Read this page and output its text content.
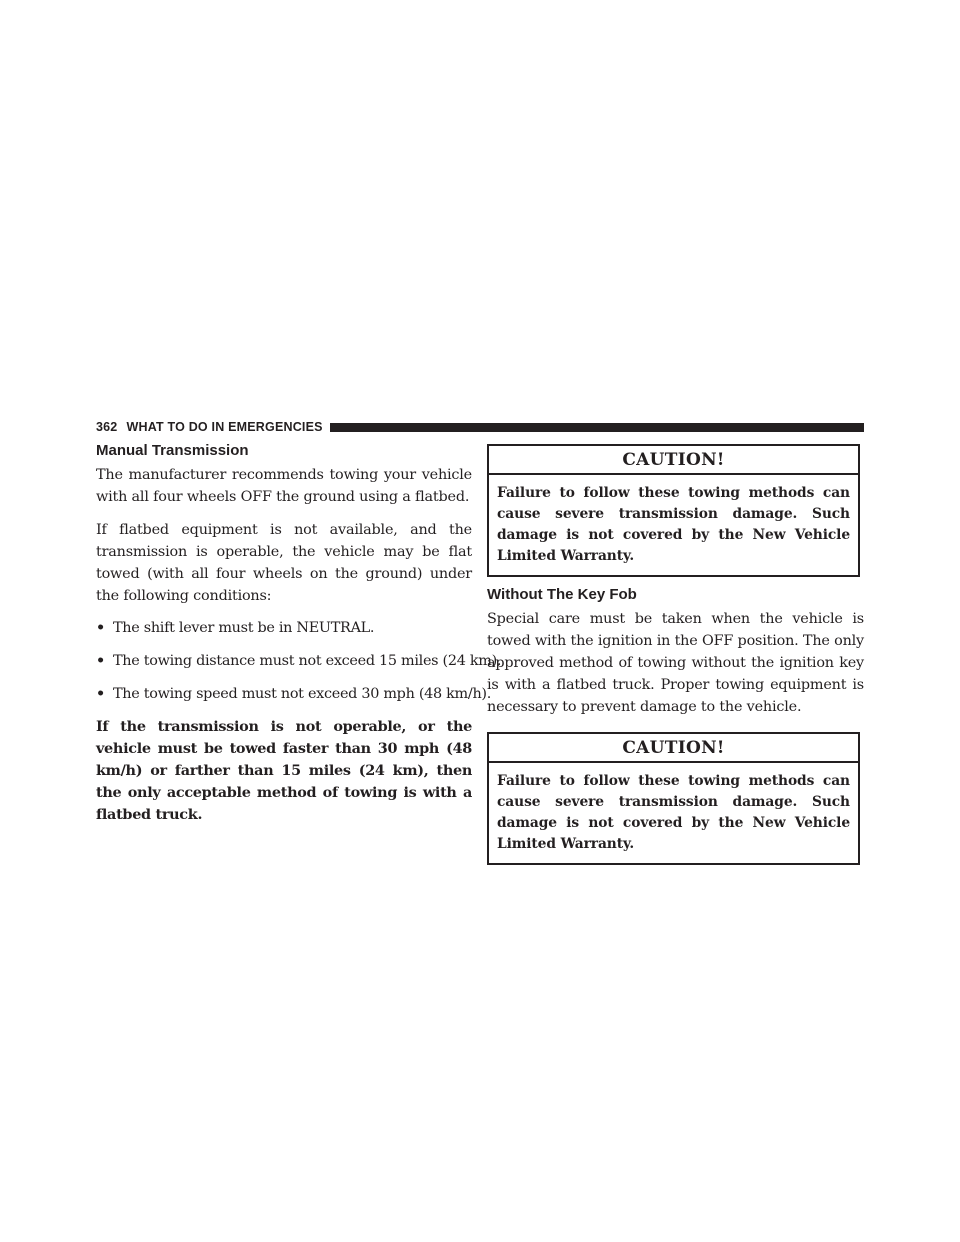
362 WHAT TO DO IN EMERGENCIES
Manual Transmission

The manufacturer recommends towing your vehicle with all four wheels OFF the ground using a flatbed.

If flatbed equipment is not available, and the transmission is operable, the vehicle may be flat towed (with all four wheels on the ground) under the following conditions:

• The shift lever must be in NEUTRAL.
• The towing distance must not exceed 15 miles (24 km).
• The towing speed must not exceed 30 mph (48 km/h).

If the transmission is not operable, or the vehicle must be towed faster than 30 mph (48 km/h) or farther than 15 miles (24 km), then the only acceptable method of towing is with a flatbed truck.

CAUTION!
Failure to follow these towing methods can cause severe transmission damage. Such damage is not covered by the New Vehicle Limited Warranty.
Without The Key Fob

Special care must be taken when the vehicle is towed with the ignition in the OFF position. The only approved method of towing without the ignition key is with a flatbed truck. Proper towing equipment is necessary to prevent damage to the vehicle.

CAUTION!
Failure to follow these towing methods can cause severe transmission damage. Such damage is not covered by the New Vehicle Limited Warranty.
